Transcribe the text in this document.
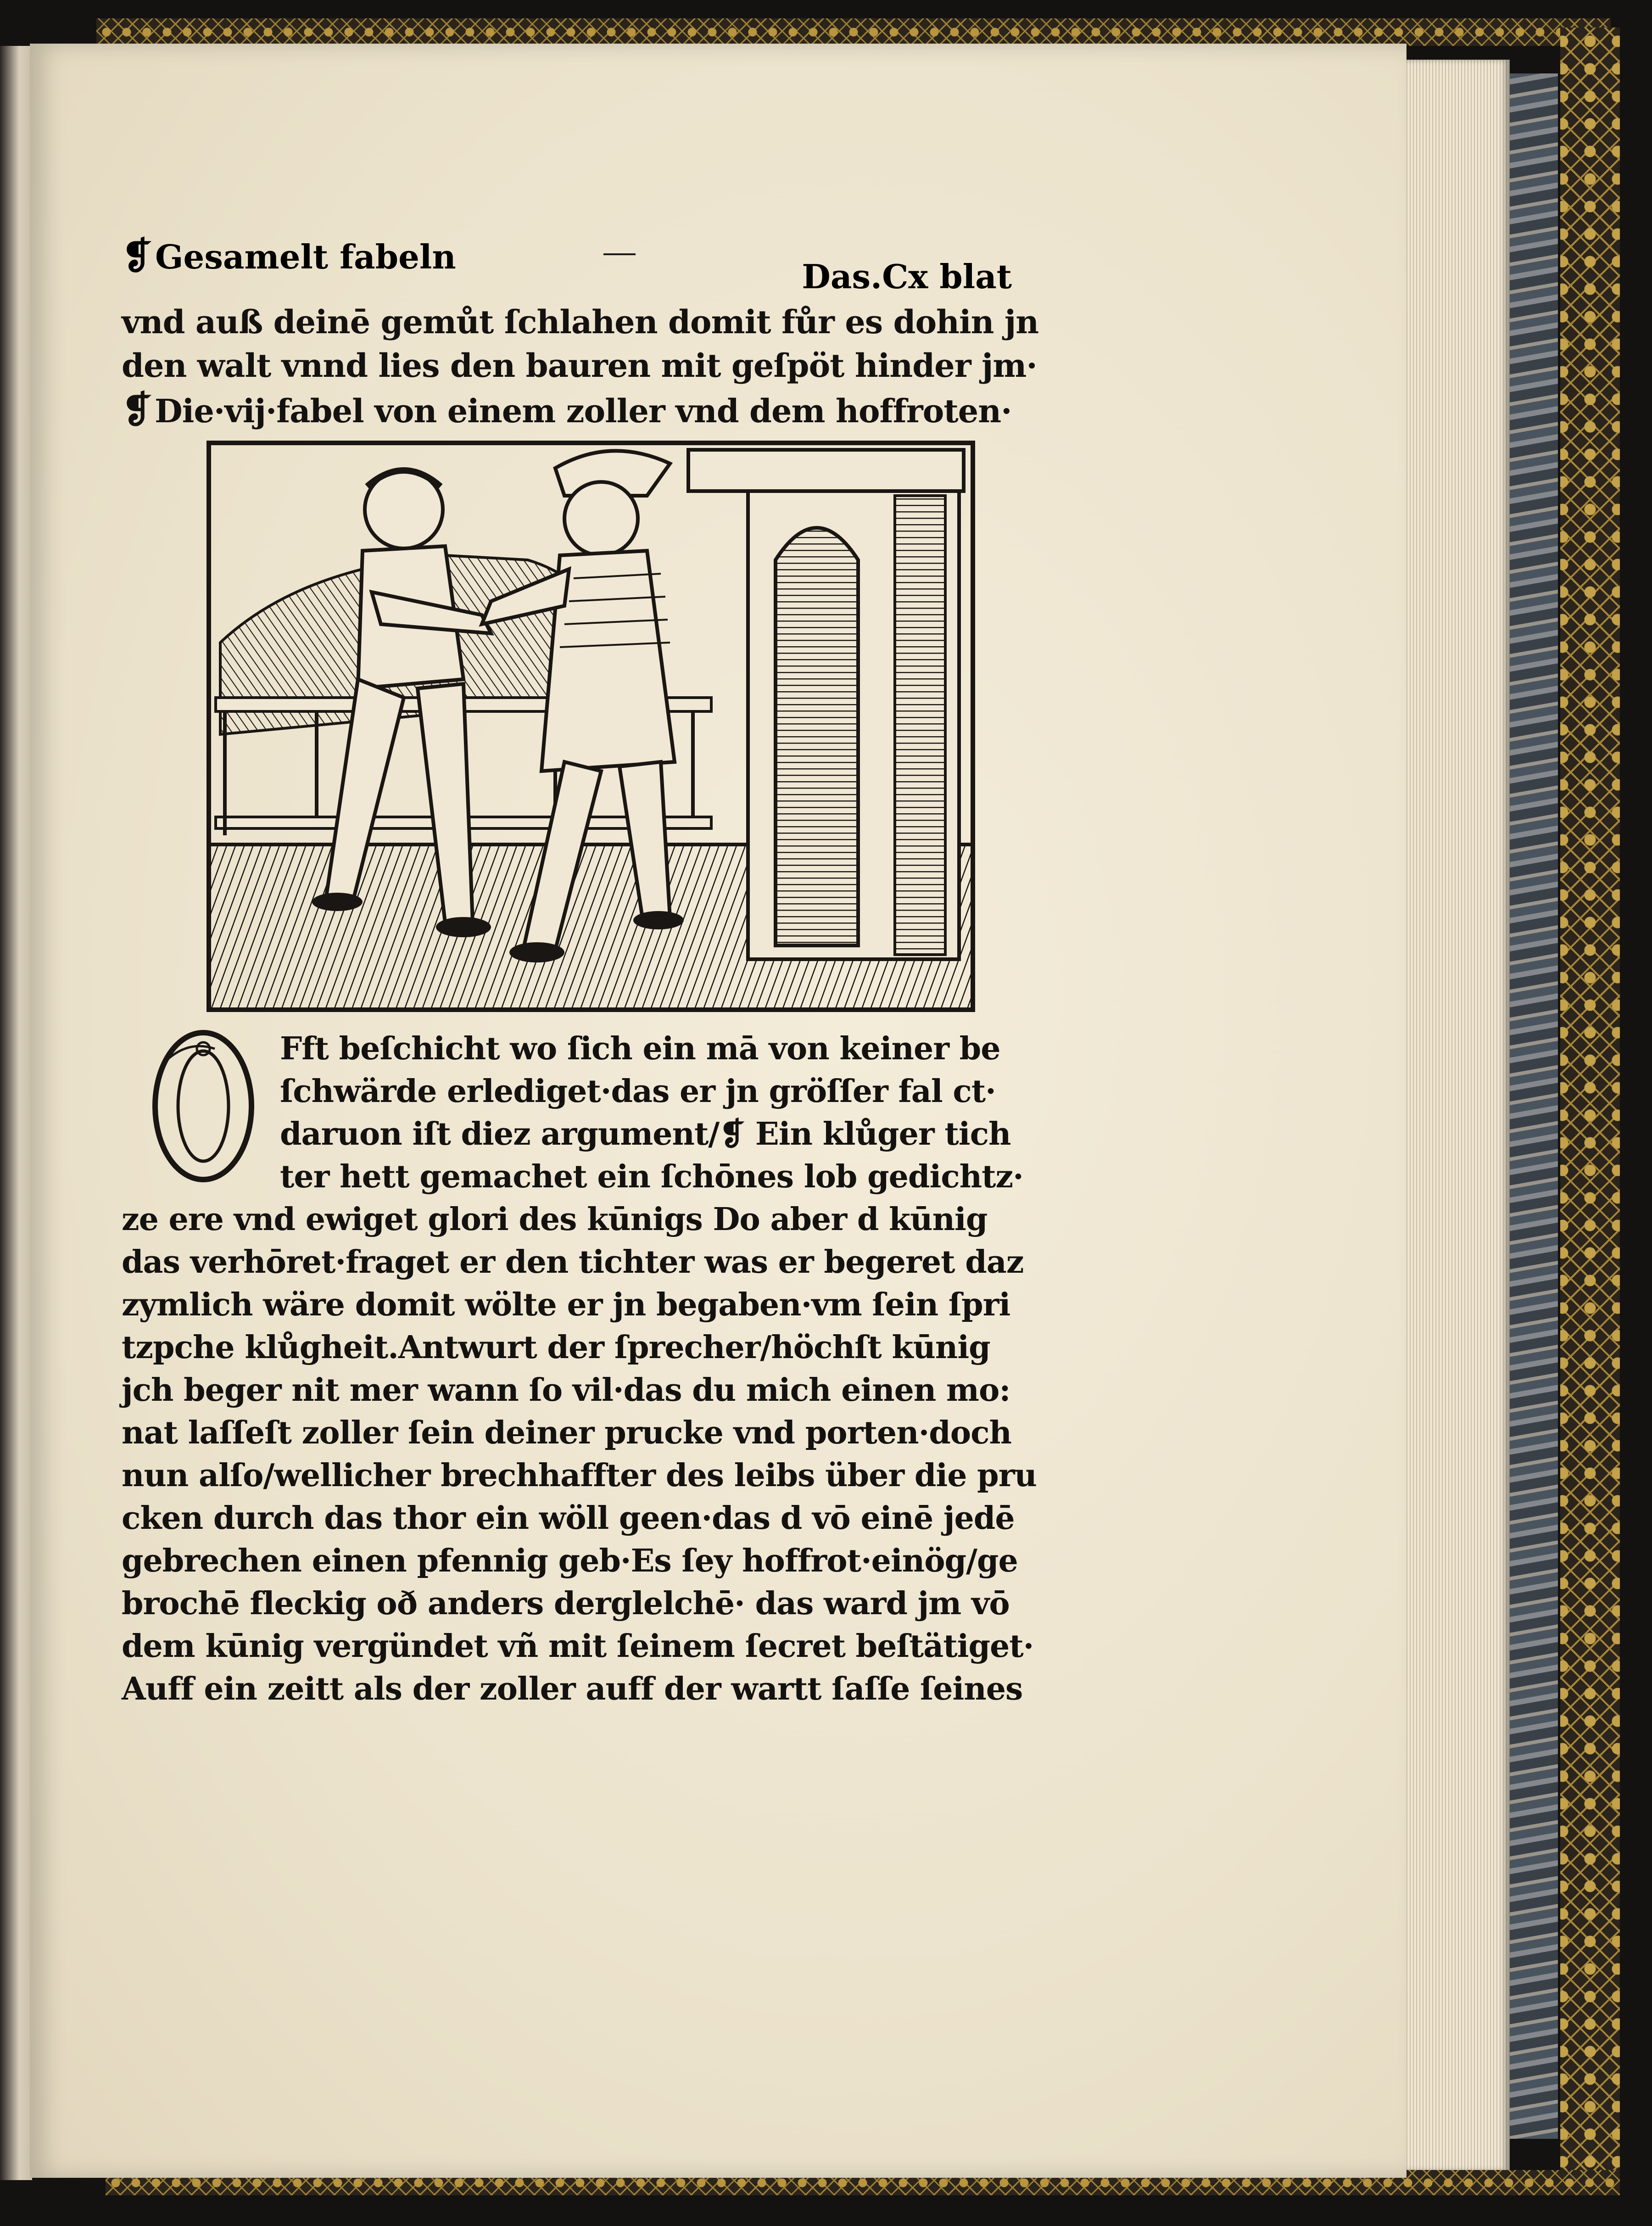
❡Gesamelt fabeln
Das.Cx blat
vnd auß deinē gemůt ſchlahen domit fůr es dohin jn
den walt vnnd lies den bauren mit geſpöt hinder jm·
❡Die·vij·fabel von einem zoller vnd dem hoffroten·
O
Fft beſchicht wo ſich ein mā von keiner be
ſchwärde erlediget·das er jn gröſſer fal ct·
daruon iſt diez argument/❡ Ein klůger tich
ter hett gemachet ein ſchōnes lob gedichtz·
ze ere vnd ewiget glori des kūnigs Do aber d kūnig
das verhōret·fraget er den tichter was er begeret daz
zymlich wäre domit wölte er jn begaben·vm ſein ſpri
tzpche klůgheit.Antwurt der ſprecher/höchſt kūnig
jch beger nit mer wann ſo vil·das du mich einen mo:
nat laſſeſt zoller ſein deiner prucke vnd porten·doch
nun alſo/wellicher brechhaffter des leibs über die pru
cken durch das thor ein wöll geen·das d vō einē jedē
gebrechen einen pfennig geb·Es ſey hoffrot·einög/ge
brochē fleckig oð anders derglelchē· das ward jm vō
dem kūnig vergündet vñ mit ſeinem ſecret beſtätiget·
Auff ein zeitt als der zoller auff der wartt ſaſſe ſeines
